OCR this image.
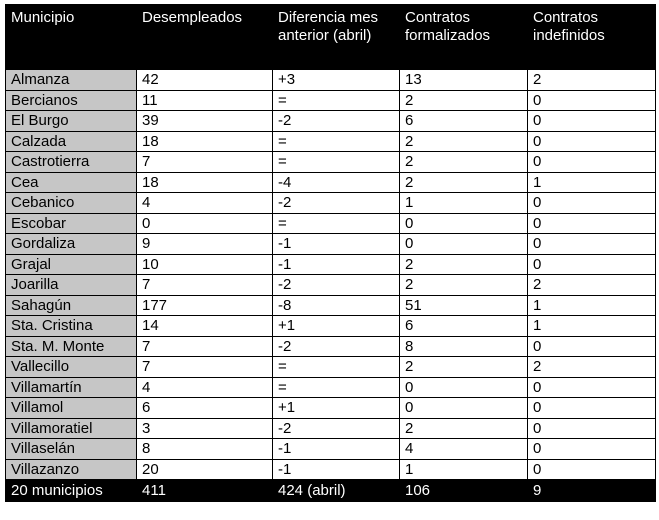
Municipio	Desempleados	Diferencia mes anterior (abril)	Contratos formalizados	Contratos indefinidos
Almanza	42	+3	13	2
Bercianos	11	=	2	0
El Burgo	39	-2	6	0
Calzada	18	=	2	0
Castrotierra	7	=	2	0
Cea	18	-4	2	1
Cebanico	4	-2	1	0
Escobar	0	=	0	0
Gordaliza	9	-1	0	0
Grajal	10	-1	2	0
Joarilla	7	-2	2	2
Sahagún	177	-8	51	1
Sta. Cristina	14	+1	6	1
Sta. M. Monte	7	-2	8	0
Vallecillo	7	=	2	2
Villamartín	4	=	0	0
Villamol	6	+1	0	0
Villamoratiel	3	-2	2	0
Villaselán	8	-1	4	0
Villazanzo	20	-1	1	0
20 municipios	411	424 (abril)	106	9
